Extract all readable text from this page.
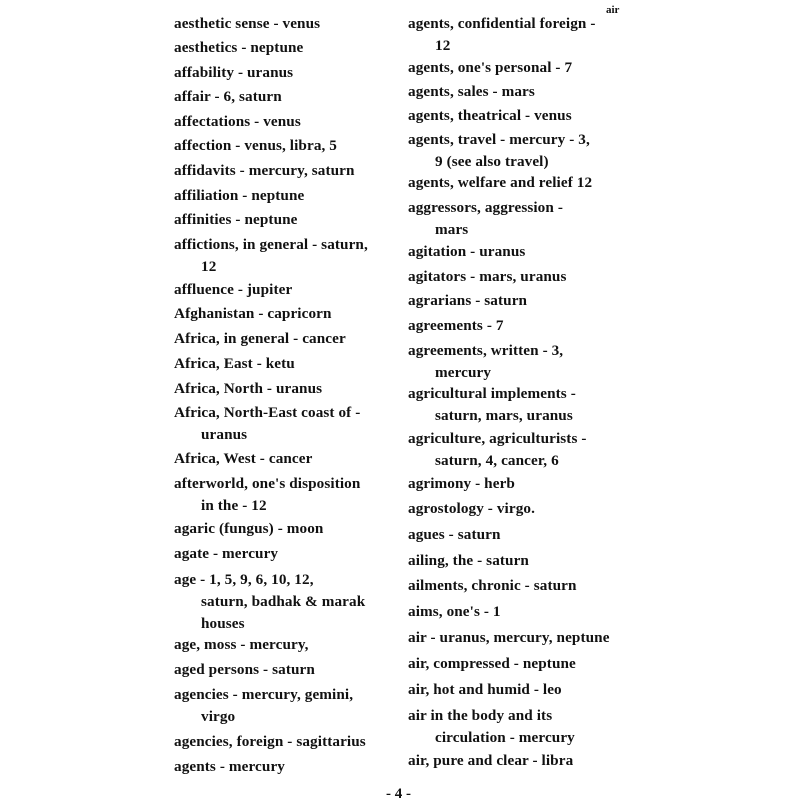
air
aesthetic sense - venus
aesthetics - neptune
affability - uranus
affair - 6, saturn
affectations - venus
affection - venus, libra, 5
affidavits - mercury, saturn
affiliation - neptune
affinities - neptune
affictions, in general - saturn,
12
affluence - jupiter
Afghanistan - capricorn
Africa, in general - cancer
Africa, East - ketu
Africa, North - uranus
Africa, North-East coast of -
uranus
Africa, West - cancer
afterworld, one's disposition
in the - 12
agaric (fungus) - moon
agate - mercury
age - 1, 5, 9, 6, 10, 12,
saturn, badhak & marak
houses
age, moss - mercury,
aged persons - saturn
agencies - mercury, gemini,
virgo
agencies, foreign - sagittarius
agents - mercury
agents, confidential foreign -
12
agents, one's personal - 7
agents, sales - mars
agents, theatrical - venus
agents, travel - mercury - 3,
9 (see also travel)
agents, welfare and relief 12
aggressors, aggression -
mars
agitation - uranus
agitators - mars, uranus
agrarians - saturn
agreements - 7
agreements, written - 3,
mercury
agricultural implements -
saturn, mars, uranus
agriculture, agriculturists -
saturn, 4, cancer, 6
agrimony - herb
agrostology - virgo.
agues - saturn
ailing, the - saturn
ailments, chronic - saturn
aims, one's - 1
air - uranus, mercury, neptune
air, compressed - neptune
air, hot and humid - leo
air in the body and its
circulation - mercury
air, pure and clear - libra
- 4 -
